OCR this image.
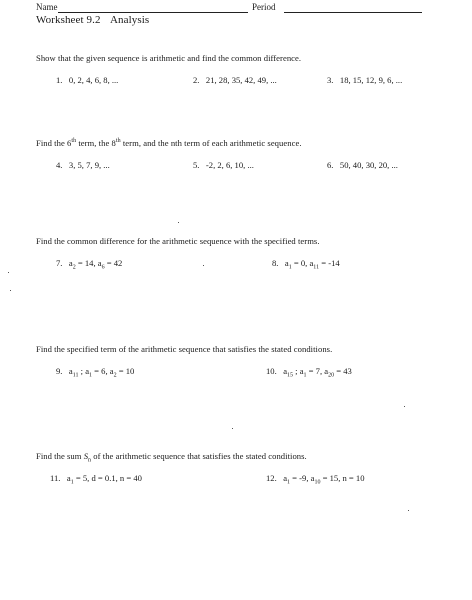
Name	Period
Worksheet 9.2 Analysis
Show that the given sequence is arithmetic and find the common difference.
1. 0, 2, 4, 6, 8, ...	2. 21, 28, 35, 42, 49, ...	3. 18, 15, 12, 9, 6, ...
Find the 6th term, the 8th term, and the nth term of each arithmetic sequence.
4. 3, 5, 7, 9, ...	5. -2, 2, 6, 10, ...	6. 50, 40, 30, 20, ...
Find the common difference for the arithmetic sequence with the specified terms.
7. $a_2 = 14$, $a_6 = 42$	8. $a_1 = 0$, $a_{11} = -14$
Find the specified term of the arithmetic sequence that satisfies the stated conditions.
9. $a_{11}$ ; $a_1 = 6$, $a_2 = 10$	10. $a_{15}$ ; $a_1 = 7$, $a_{20} = 43$
Find the sum $S_n$ of the arithmetic sequence that satisfies the stated conditions.
11. $a_1 = 5$, d = 0.1, n = 40	12. $a_1 = -9$, $a_{10} = 15$, n = 10
